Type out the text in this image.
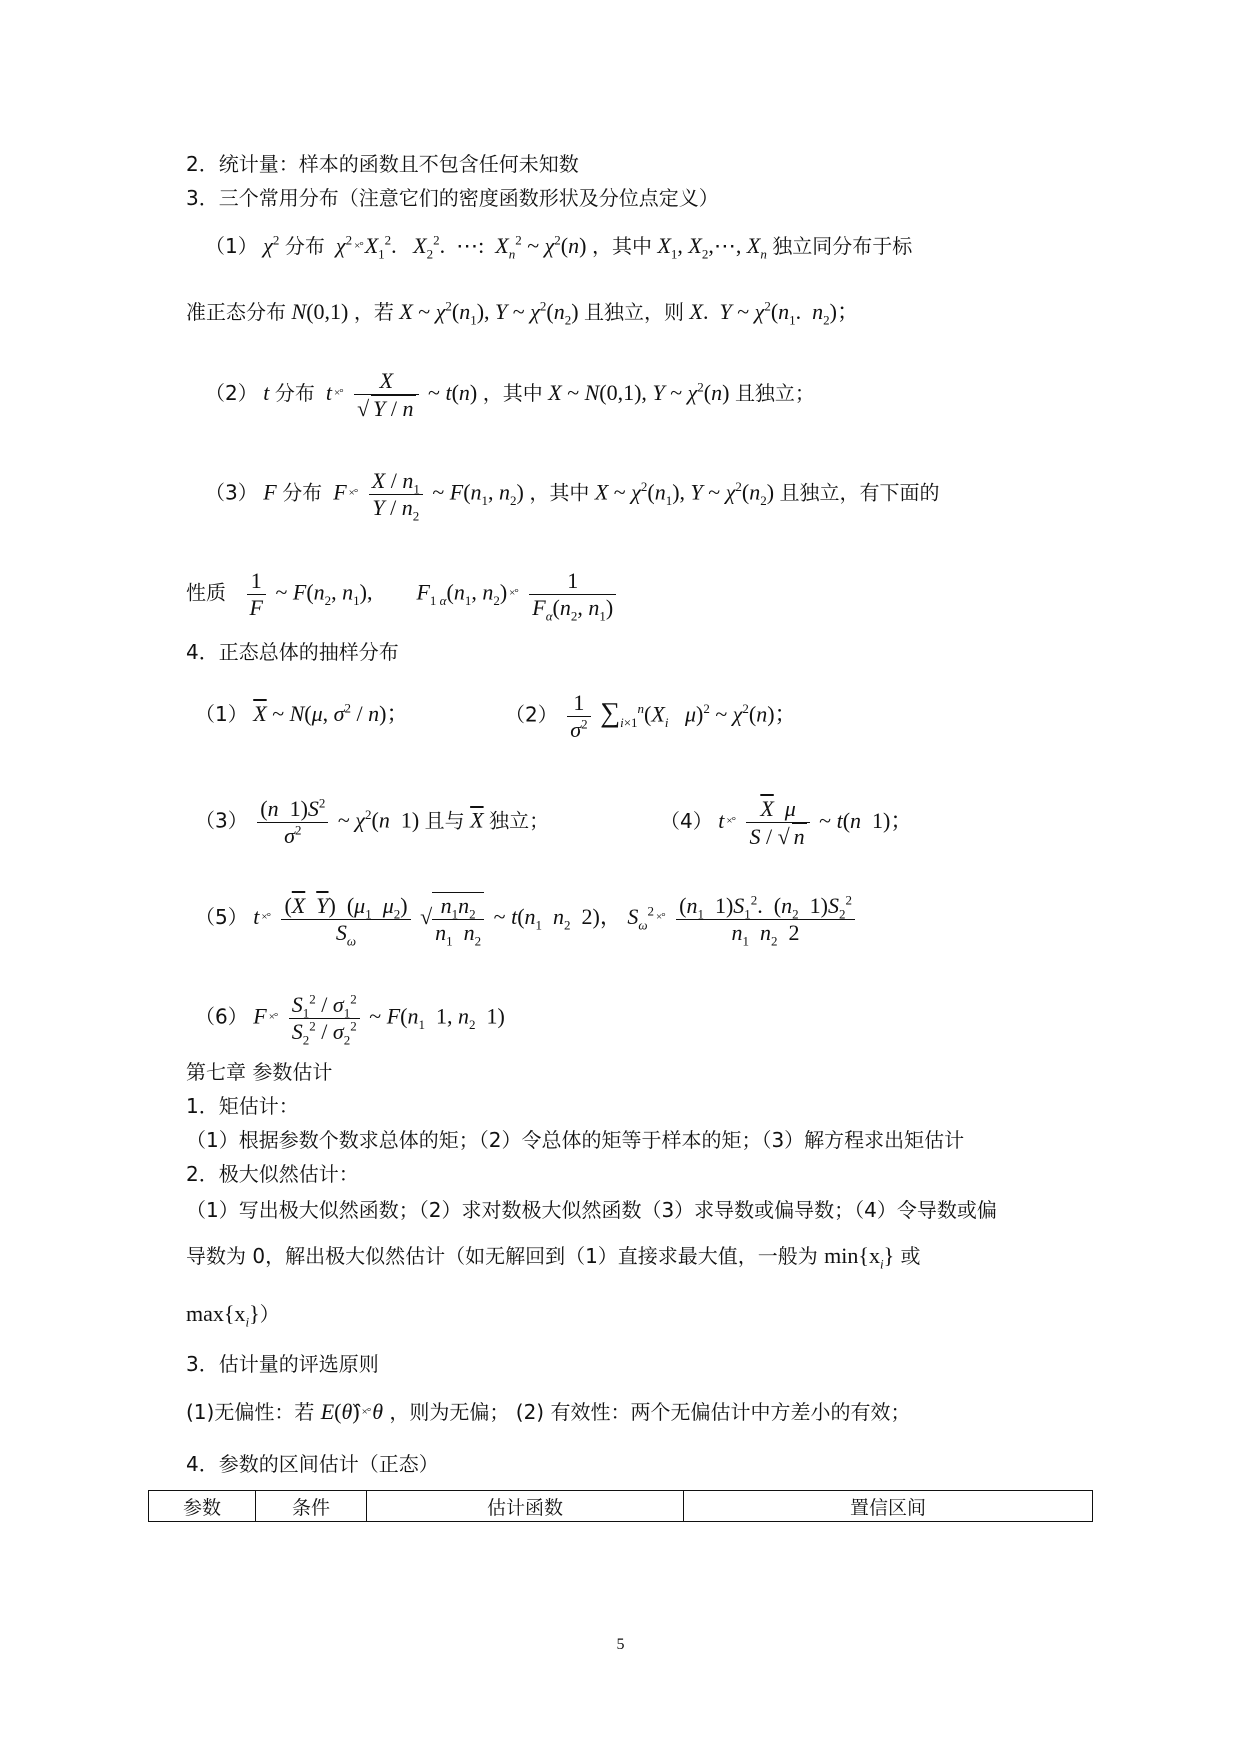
2．统计量：样本的函数且不包含任何未知数
3．三个常用分布（注意它们的密度函数形状及分位点定义）
（1） $\chi^2$ 分布 $\chi^2 \times^\circ X_1^2$.   $X_2^2$.  ⋯:  $X_n^2$ ~ $\chi^2(n)$ ，其中 $X_1$, $X_2,\cdots$, $X_n$ 独立同分布于标
准正态分布 N(0,1) ，若 X ~ $\chi^2(n_1)$, Y ~ $\chi^2(n_2)$ 且独立，则 X.  Y ~ $\chi^2(n_1$.  $n_2$)；
（2） t 分布 t ×° $\frac{X}{√ Y / n}$ ~ t(n) ，其中 X ~ N(0,1), Y ~ $\chi^2(n)$ 且独立；
（3） F 分布 F ×° $\frac{X / n_1}{Y / n_2}$ ~ $F(n_1$, $n_2$) ，其中 X ~ $\chi^2(n_1)$, Y ~ $\chi^2(n_2)$ 且独立，有下面的
性质 $\frac{1}{F}$ ~ $F(n_2$, $n_1$),        $F_{1 \alpha}(n_1$, $n_2$) ×° $\frac{1}{F_\alpha(n_2, n_1)}$
4．正态总体的抽样分布
（1） $\overline{X}$ ~ N(μ, $\sigma^2 / n$)；	$(2) \frac{1}{\sigma^2} \sum_{i\times 1}^n(X_i$ μ)$^2$ ~ $\chi^2(n)$；
$(3) \frac{(n 1)S^2}{\sigma^2}$ ~ $\chi^2(n$  1) 且与 $\overline{X}$ 独立；	（4） t ×° $\frac{\overline{X} \mu}{S / √ n}$ ~ t(n  1)；
（5） t ×° $\frac{(\overline{X} \overline{Y}) (\mu_1 \mu_2)}{S_\omega}$ √ $\frac{n_1n_2}{n_1 n_2}$ ~ $t(n_1$ $n_2$  2)， $S_\omega^2$ ×° $\frac{(n_1 1)S_1^2. (n_2 1)S_2^2}{n_1 n_2 2}$
（6） F ×° $\frac{S_1^2 / \sigma_1^2}{S_2^2 / \sigma_2^2}$ ~ $F(n_1$  1, $n_2$  1)
第七章 参数估计
1．矩估计：
（1）根据参数个数求总体的矩；（2）令总体的矩等于样本的矩；（3）解方程求出矩估计
2．极大似然估计：
（1）写出极大似然函数；（2）求对数极大似然函数（3）求导数或偏导数；（4）令导数或偏
导数为 0，解出极大似然估计（如无解回到（1）直接求最大值，一般为 $\min\{x_i\}$ 或
$\max\{x_i\}$）
3．估计量的评选原则
(1)无偏性：若 E(θ̂) ×°θ ，则为无偏； (2) 有效性：两个无偏估计中方差小的有效；
4．参数的区间估计（正态）
参数	条件	估计函数	置信区间
5
